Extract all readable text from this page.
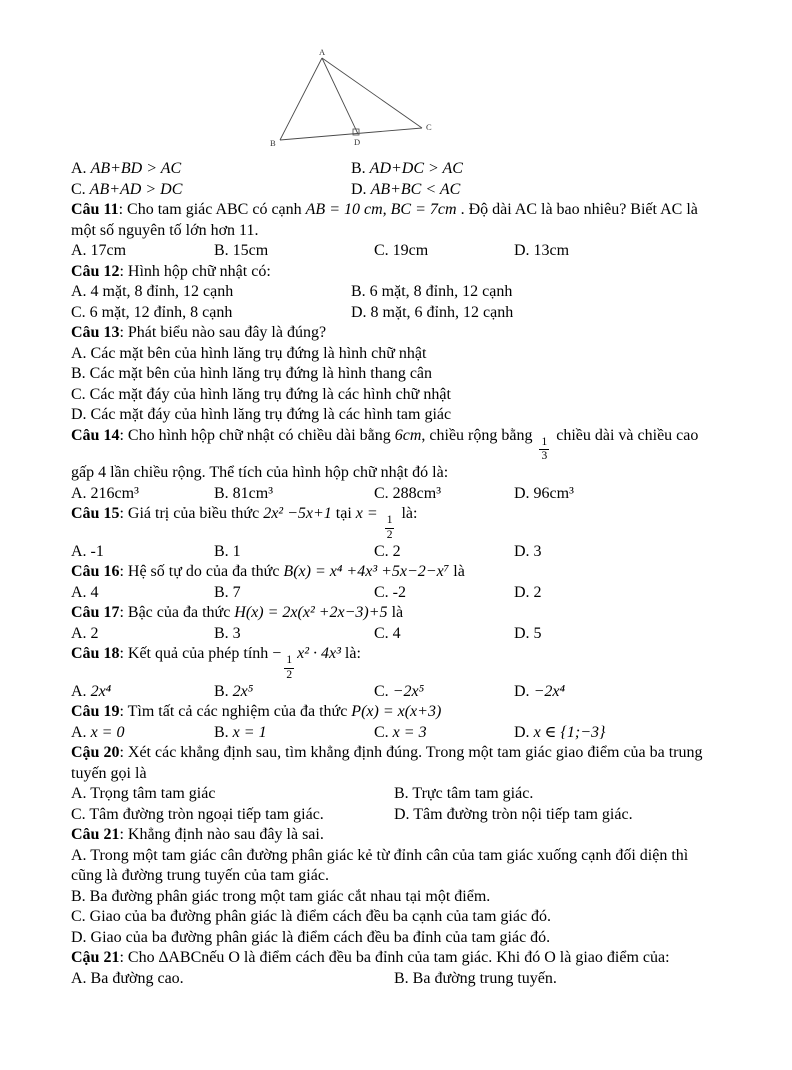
A
B
C
D
A. AB+BD > AC	B. AD+DC > AC
C. AB+AD > DC	D. AB+BC < AC
Câu 11: Cho tam giác ABC có cạnh AB = 10 cm, BC = 7cm . Độ dài AC là bao nhiêu? Biết AC là một số nguyên tố lớn hơn 11.
A. 17cm	B. 15cm	C. 19cm	D. 13cm
Câu 12: Hình hộp chữ nhật có:
A. 4 mặt, 8 đỉnh, 12 cạnh	B. 6 mặt, 8 đỉnh, 12 cạnh
C. 6 mặt, 12 đỉnh, 8 cạnh	D. 8 mặt, 6 đỉnh, 12 cạnh
Câu 13: Phát biểu nào sau đây là đúng?
A. Các mặt bên của hình lăng trụ đứng là hình chữ nhật
B. Các mặt bên của hình lăng trụ đứng là hình thang cân
C. Các mặt đáy của hình lăng trụ đứng là các hình chữ nhật
D. Các mặt đáy của hình lăng trụ đứng là các hình tam giác
Câu 14: Cho hình hộp chữ nhật có chiều dài bằng 6cm, chiều rộng bằng
$\frac{1}{3}$
chiều dài và chiều cao gấp 4 lần chiều rộng. Thể tích của hình hộp chữ nhật đó là:
A. 216cm³	B. 81cm³	C. 288cm³	D. 96cm³
Câu 15: Giá trị của biều thức 2x² −5x+1 tại x =
$\frac{1}{2}$
là:
A. -1	B. 1	C. 2	D. 3
Câu 16: Hệ số tự do của đa thức B(x) = x⁴ +4x³ +5x−2−x⁷ là
A. 4	B. 7	C. -2	D. 2
Câu 17: Bậc của đa thức H(x) = 2x(x² +2x−3)+5 là
A. 2	B. 3	C. 4	D. 5
Câu 18: Kết quả của phép tính −
$\frac{1}{2}$
x² · 4x³ là:
A. 2x⁴	B. 2x⁵	C. −2x⁵	D. −2x⁴
Câu 19: Tìm tất cả các nghiệm của đa thức P(x) = x(x+3)
A. x = 0	B. x = 1	C. x = 3	D. x ∈ {1;−3}
Cậu 20: Xét các khẳng định sau, tìm khẳng định đúng. Trong một tam giác giao điểm của ba trung tuyến gọi là
A. Trọng tâm tam giác	B. Trực tâm tam giác.
C. Tâm đường tròn ngoại tiếp tam giác.	D. Tâm đường tròn nội tiếp tam giác.
Câu 21: Khẳng định nào sau đây là sai.
A. Trong một tam giác cân đường phân giác kẻ từ đỉnh cân của tam giác xuống cạnh đối diện thì cũng là đường trung tuyến của tam giác.
B. Ba đường phân giác trong một tam giác cắt nhau tại một điểm.
C. Giao của ba đường phân giác là điểm cách đều ba cạnh của tam giác đó.
D. Giao của ba đường phân giác là điểm cách đều ba đỉnh của tam giác đó.
Cậu 21: Cho ∆ABCnếu O là điểm cách đều ba đỉnh của tam giác. Khi đó O là giao điểm của:
A. Ba đường cao.	B. Ba đường trung tuyến.
